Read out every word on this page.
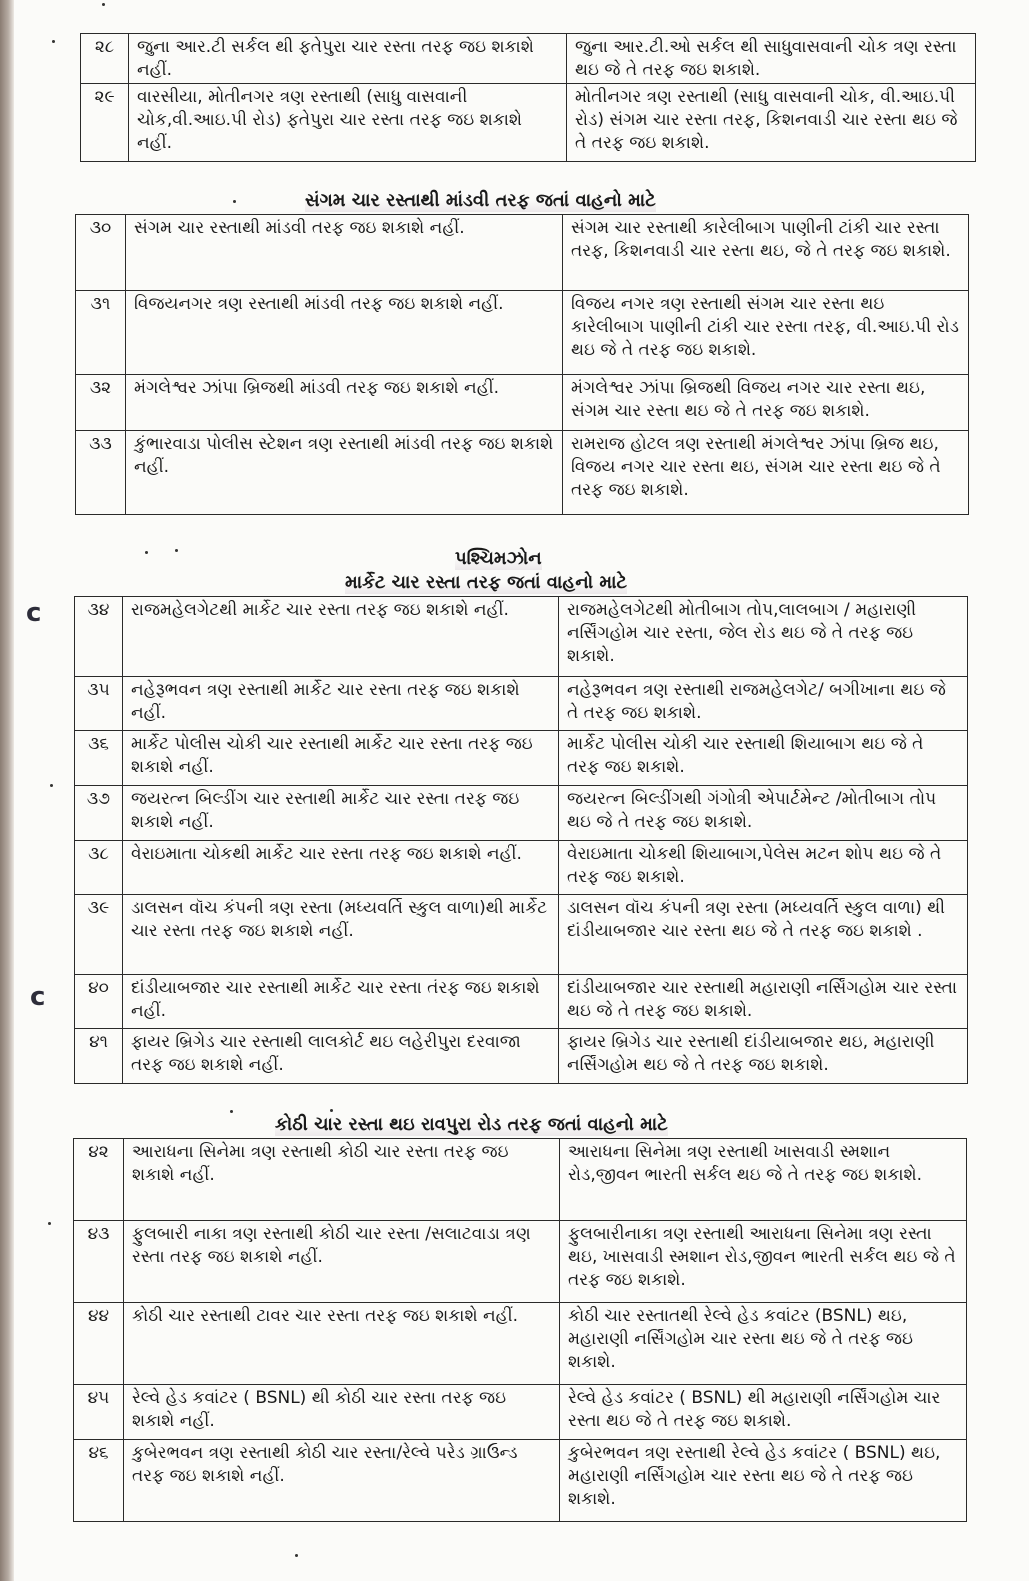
૨૮	જુના આર.ટી સર્કલ થી ફતેપુરા ચાર રસ્તા તરફ જઇ શકાશે નહીં.	જુના આર.ટી.ઓ સર્કલ થી સાધુવાસવાની ચોક ત્રણ રસ્તા થઇ જે તે તરફ જઇ શકાશે.
૨૯	વારસીયા, મોતીનગર ત્રણ રસ્તાથી (સાધુ વાસવાની ચોક,વી.આઇ.પી રોડ) ફતેપુરા ચાર રસ્તા તરફ જઇ શકાશે નહીં.	મોતીનગર ત્રણ રસ્તાથી (સાધુ વાસવાની ચોક, વી.આઇ.પી રોડ) સંગમ ચાર રસ્તા તરફ, કિશનવાડી ચાર રસ્તા થઇ જે તે તરફ જઇ શકાશે.
સંગમ ચાર રસ્તાથી માંડવી તરફ જતાં વાહનો માટે
૩૦	સંગમ ચાર રસ્તાથી માંડવી તરફ જઇ શકાશે નહીં.	સંગમ ચાર રસ્તાથી કારેલીબાગ પાણીની ટાંકી ચાર રસ્તા તરફ, કિશનવાડી ચાર રસ્તા થઇ, જે તે તરફ જઇ શકાશે.
૩૧	વિજયનગર ત્રણ રસ્તાથી માંડવી તરફ જઇ શકાશે નહીં.	વિજય નગર ત્રણ રસ્તાથી સંગમ ચાર રસ્તા થઇ કારેલીબાગ પાણીની ટાંકી ચાર રસ્તા તરફ, વી.આઇ.પી રોડ થઇ જે તે તરફ જઇ શકાશે.
૩૨	મંગલેશ્વર ઝાંપા બ્રિજથી માંડવી તરફ જઇ શકાશે નહીં.	મંગલેશ્વર ઝાંપા બ્રિજથી વિજય નગર ચાર રસ્તા થઇ, સંગમ ચાર રસ્તા થઇ જે તે તરફ જઇ શકાશે.
૩૩	કુંભારવાડા પોલીસ સ્ટેશન ત્રણ રસ્તાથી માંડવી તરફ જઇ શકાશે નહીં.	રામરાજ હોટલ ત્રણ રસ્તાથી મંગલેશ્વર ઝાંપા બ્રિજ થઇ, વિજય નગર ચાર રસ્તા થઇ, સંગમ ચાર રસ્તા થઇ જે તે તરફ જઇ શકાશે.
પશ્ચિમઝોન
માર્કેટ ચાર રસ્તા તરફ જતાં વાહનો માટે
ᴄ	૩૪	રાજમહેલગેટથી માર્કેટ ચાર રસ્તા તરફ જઇ શકાશે નહીં.	રાજમહેલગેટથી મોતીબાગ તોપ,લાલબાગ / મહારાણી નર્સિંગહોમ ચાર રસ્તા, જેલ રોડ થઇ જે તે તરફ જઇ શકાશે.
૩૫	નહેરૂભવન ત્રણ રસ્તાથી માર્કેટ ચાર રસ્તા તરફ જઇ શકાશે નહીં.	નહેરૂભવન ત્રણ રસ્તાથી રાજમહેલગેટ/ બગીખાના થઇ જે તે તરફ જઇ શકાશે.
૩૬	માર્કેટ પોલીસ ચોકી ચાર રસ્તાથી માર્કેટ ચાર રસ્તા તરફ જઇ શકાશે નહીં.	માર્કેટ પોલીસ ચોકી ચાર રસ્તાથી શિયાબાગ થઇ જે તે તરફ જઇ શકાશે.
૩૭	જયરત્ન બિલ્ડીંગ ચાર રસ્તાથી માર્કેટ ચાર રસ્તા તરફ જઇ શકાશે નહીં.	જયરત્ન બિલ્ડીંગથી ગંગોત્રી એપાર્ટમેન્ટ /મોતીબાગ તોપ થઇ જે તે તરફ જઇ શકાશે.
૩૮	વેરાઇમાતા ચોકથી માર્કેટ ચાર રસ્તા તરફ જઇ શકાશે નહીં.	વેરાઇમાતા ચોકથી શિયાબાગ,પેલેસ મટન શોપ થઇ જે તે તરફ જઇ શકાશે.
૩૯	ડાલસન વૉચ કંપની ત્રણ રસ્તા (મધ્યવર્તિ સ્કુલ વાળા)થી માર્કેટ ચાર રસ્તા તરફ જઇ શકાશે નહીં.	ડાલસન વૉચ કંપની ત્રણ રસ્તા (મધ્યવર્તિ સ્કુલ વાળા) થી દાંડીયાબજાર ચાર રસ્તા થઇ જે તે તરફ જઇ શકાશે .
૪૦	દાંડીયાબજાર ચાર રસ્તાથી માર્કેટ ચાર રસ્તા તંરફ જઇ શકાશે નહીં.	દાંડીયાબજાર ચાર રસ્તાથી મહારાણી નર્સિંગહોમ ચાર રસ્તા થઇ જે તે તરફ જઇ શકાશે.
૪૧	ફાયર બ્રિગેડ ચાર રસ્તાથી લાલકોર્ટ થઇ લહેરીપુરા દરવાજા તરફ જઇ શકાશે નહીં.	ફાયર બ્રિગેડ ચાર રસ્તાથી દાંડીયાબજાર થઇ, મહારાણી નર્સિંગહોમ થઇ જે તે તરફ જઇ શકાશે.
ᴄ
કોઠી ચાર રસ્તા થઇ રાવપુરા રોડ તરફ જતાં વાહનો માટે
૪૨	આરાધના સિનેમા ત્રણ રસ્તાથી કોઠી ચાર રસ્તા તરફ જઇ શકાશે નહીં.	આરાધના સિનેમા ત્રણ રસ્તાથી ખાસવાડી સ્મશાન રોડ,જીવન ભારતી સર્કલ થઇ જે તે તરફ જઇ શકાશે.
૪૩	ફુલબારી નાકા ત્રણ રસ્તાથી કોઠી ચાર રસ્તા /સલાટવાડા ત્રણ રસ્તા તરફ જઇ શકાશે નહીં.	ફુલબારીનાકા ત્રણ રસ્તાથી આરાધના સિનેમા ત્રણ રસ્તા થઇ, ખાસવાડી સ્મશાન રોડ,જીવન ભારતી સર્કલ થઇ જે તે તરફ જઇ શકાશે.
૪૪	કોઠી ચાર રસ્તાથી ટાવર ચાર રસ્તા તરફ જઇ શકાશે નહીં.	કોઠી ચાર રસ્તાતથી રેલ્વે હેડ કવાંટર (BSNL) થઇ, મહારાણી નર્સિંગહોમ ચાર રસ્તા થઇ જે તે તરફ જઇ શકાશે.
૪૫	રેલ્વે હેડ કવાંટર ( BSNL) થી કોઠી ચાર રસ્તા તરફ જઇ શકાશે નહીં.	રેલ્વે હેડ કવાંટર ( BSNL) થી મહારાણી નર્સિંગહોમ ચાર રસ્તા થઇ જે તે તરફ જઇ શકાશે.
૪૬	કુબેરભવન ત્રણ રસ્તાથી કોઠી ચાર રસ્તા/રેલ્વે પરેડ ગ્રાઉન્ડ તરફ જઇ શકાશે નહીં.	કુબેરભવન ત્રણ રસ્તાથી રેલ્વે હેડ કવાંટર ( BSNL) થઇ, મહારાણી નર્સિંગહોમ ચાર રસ્તા થઇ જે તે તરફ જઇ શકાશે.
